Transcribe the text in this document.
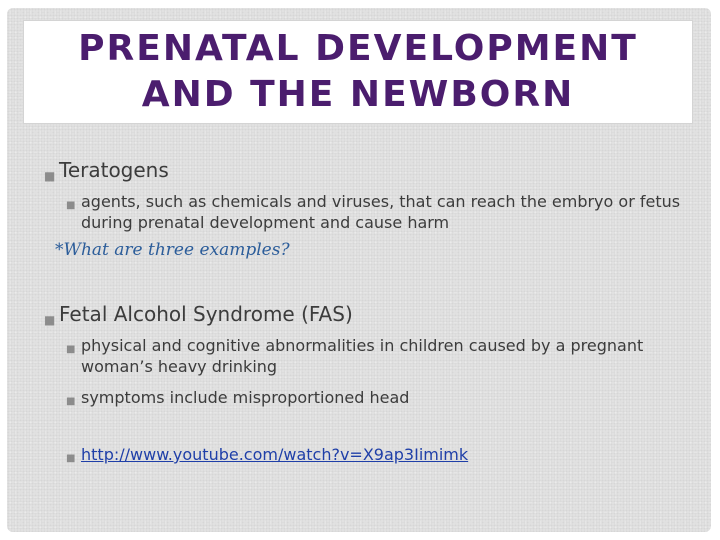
PRENATAL DEVELOPMENT
AND THE NEWBORN
■ Teratogens
■ agents, such as chemicals and viruses, that can reach the embryo or fetus during prenatal development and cause harm
*What are three examples?
■ Fetal Alcohol Syndrome (FAS)
■ physical and cognitive abnormalities in children caused by a pregnant woman’s heavy drinking
■ symptoms include misproportioned head
■ http://www.youtube.com/watch?v=X9ap3Iimimk
